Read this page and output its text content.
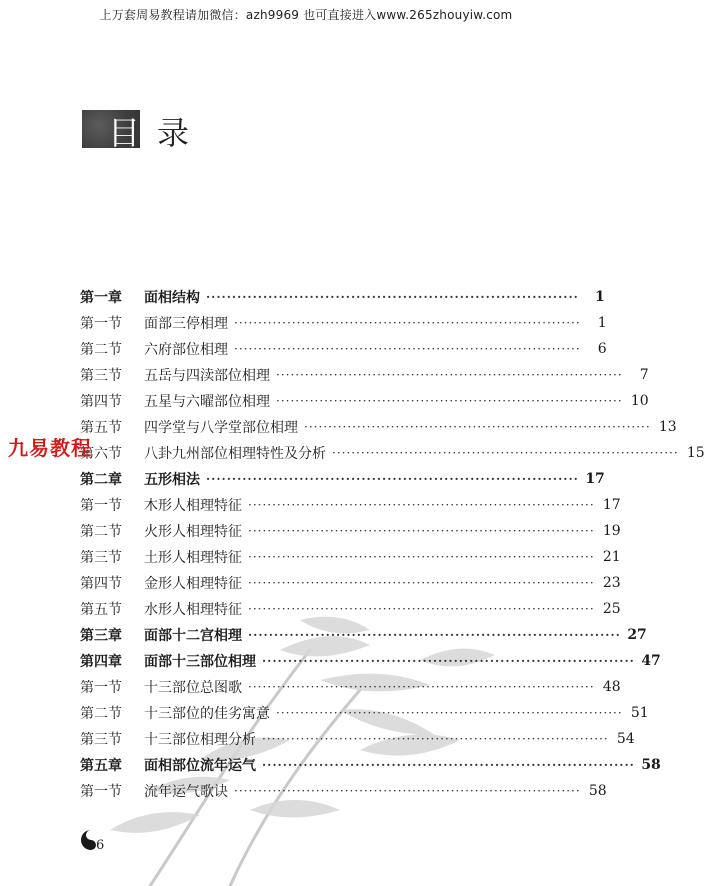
上万套周易教程请加微信：azh9969 也可直接进入www.265zhouyiw.com
目 录
第一章	面相结构 ········································································	1
第一节	面部三停相理 ········································································	1
第二节	六府部位相理 ········································································	6
第三节	五岳与四渎部位相理 ········································································	7
第四节	五星与六曜部位相理 ········································································ 10
第五节	四学堂与八学堂部位相理 ········································································ 13
第六节	八卦九州部位相理特性及分析 ········································································ 15
第二章	五形相法 ········································································ 17
第一节	木形人相理特征 ········································································ 17
第二节	火形人相理特征 ········································································ 19
第三节	土形人相理特征 ········································································ 21
第四节	金形人相理特征 ········································································ 23
第五节	水形人相理特征 ········································································ 25
第三章	面部十二宫相理 ········································································ 27
第四章	面部十三部位相理 ········································································ 47
第一节	十三部位总图歌 ········································································ 48
第二节	十三部位的佳劣寓意 ········································································ 51
第三节	十三部位相理分析 ········································································ 54
第五章	面相部位流年运气 ········································································ 58
第一节	流年运气歌诀 ········································································ 58
九易教程
6
